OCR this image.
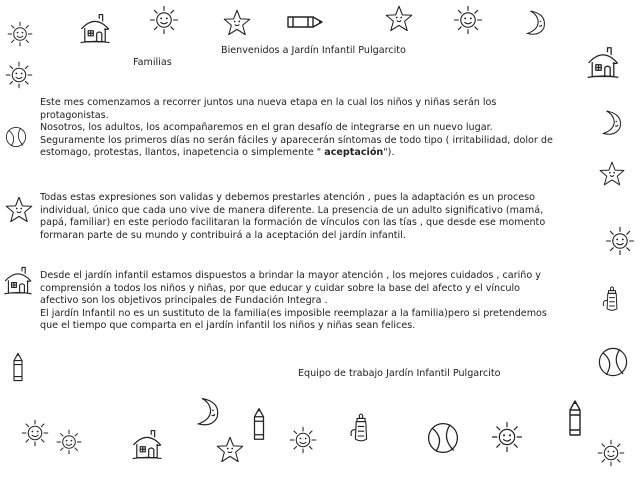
Familias
Bienvenidos a Jardín Infantil Pulgarcito
Este mes comenzamos a recorrer juntos una nueva etapa en la cual los niños y niñas serán los
protagonistas.
Nosotros, los adultos, los acompañaremos en el gran desafío de integrarse en un nuevo lugar.
Seguramente los primeros días no serán fáciles y aparecerán síntomas de todo tipo ( irritabilidad, dolor de
estomago, protestas, llantos, inapetencia o simplemente " aceptación").
Todas estas expresiones son validas y debemos prestarles atención , pues la adaptación es un proceso
individual, único que cada uno vive de manera diferente. La presencia de un adulto significativo (mamá,
papá, familiar) en este periodo facilitaran la formación de vínculos con las tías , que desde ese momento
formaran parte de su mundo y contribuirá a la aceptación del jardín infantil.
Desde el jardín infantil estamos dispuestos a brindar la mayor atención , los mejores cuidados , cariño y
comprensión a todos los niños y niñas, por que educar y cuidar sobre la base del afecto y el vínculo
afectivo son los objetivos principales de Fundación Integra .
El jardín Infantil no es un sustituto de la familia(es imposible reemplazar a la familia)pero si pretendemos
que el tiempo que comparta en el jardín infantil los niños y niñas sean felices.
Equipo de trabajo Jardín Infantil Pulgarcito
